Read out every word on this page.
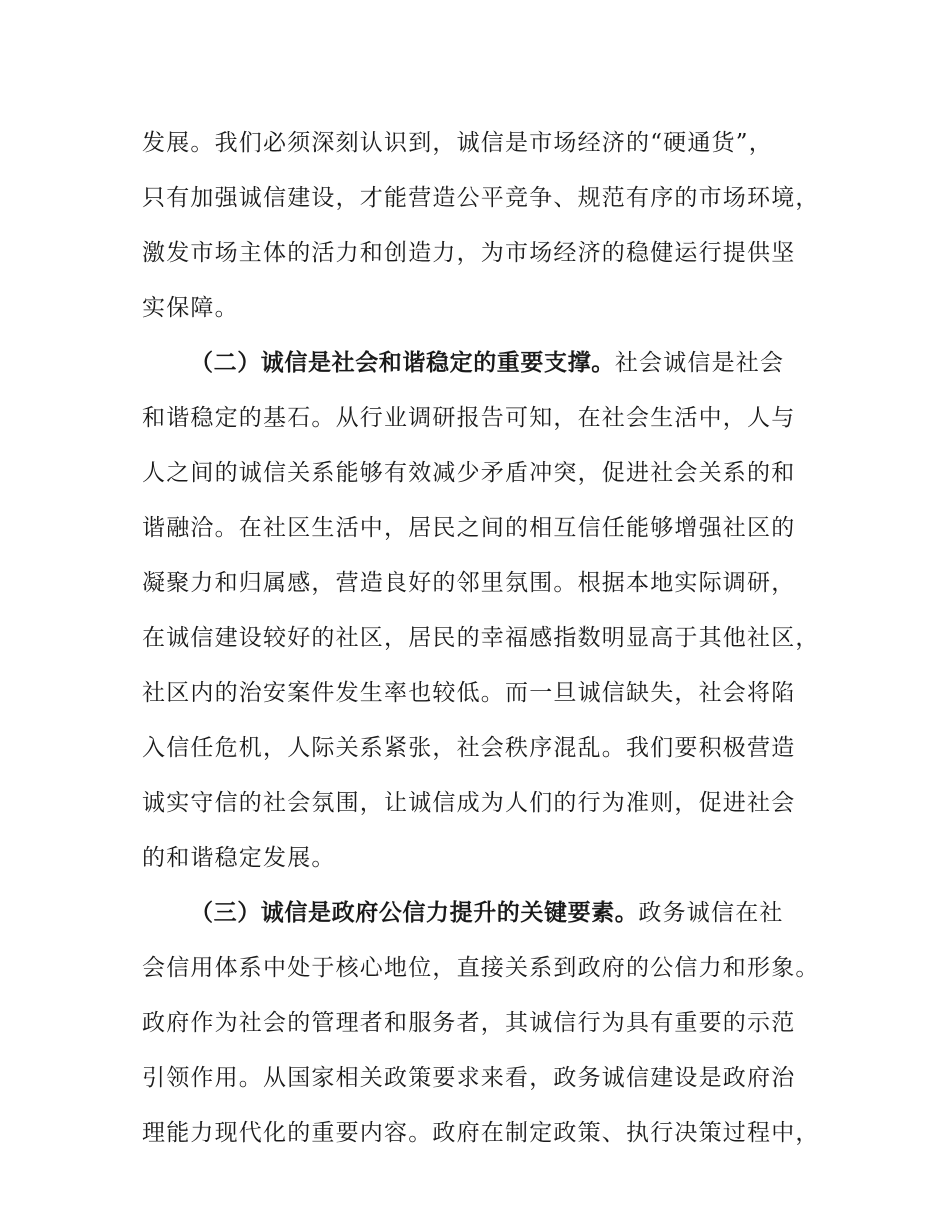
发展。我们必须深刻认识到，诚信是市场经济的“硬通货”，
只有加强诚信建设，才能营造公平竞争、规范有序的市场环境，
激发市场主体的活力和创造力，为市场经济的稳健运行提供坚
实保障。
（二）诚信是社会和谐稳定的重要支撑。社会诚信是社会
和谐稳定的基石。从行业调研报告可知，在社会生活中，人与
人之间的诚信关系能够有效减少矛盾冲突，促进社会关系的和
谐融洽。在社区生活中，居民之间的相互信任能够增强社区的
凝聚力和归属感，营造良好的邻里氛围。根据本地实际调研，
在诚信建设较好的社区，居民的幸福感指数明显高于其他社区，
社区内的治安案件发生率也较低。而一旦诚信缺失，社会将陷
入信任危机，人际关系紧张，社会秩序混乱。我们要积极营造
诚实守信的社会氛围，让诚信成为人们的行为准则，促进社会
的和谐稳定发展。
（三）诚信是政府公信力提升的关键要素。政务诚信在社
会信用体系中处于核心地位，直接关系到政府的公信力和形象。
政府作为社会的管理者和服务者，其诚信行为具有重要的示范
引领作用。从国家相关政策要求来看，政务诚信建设是政府治
理能力现代化的重要内容。政府在制定政策、执行决策过程中，
